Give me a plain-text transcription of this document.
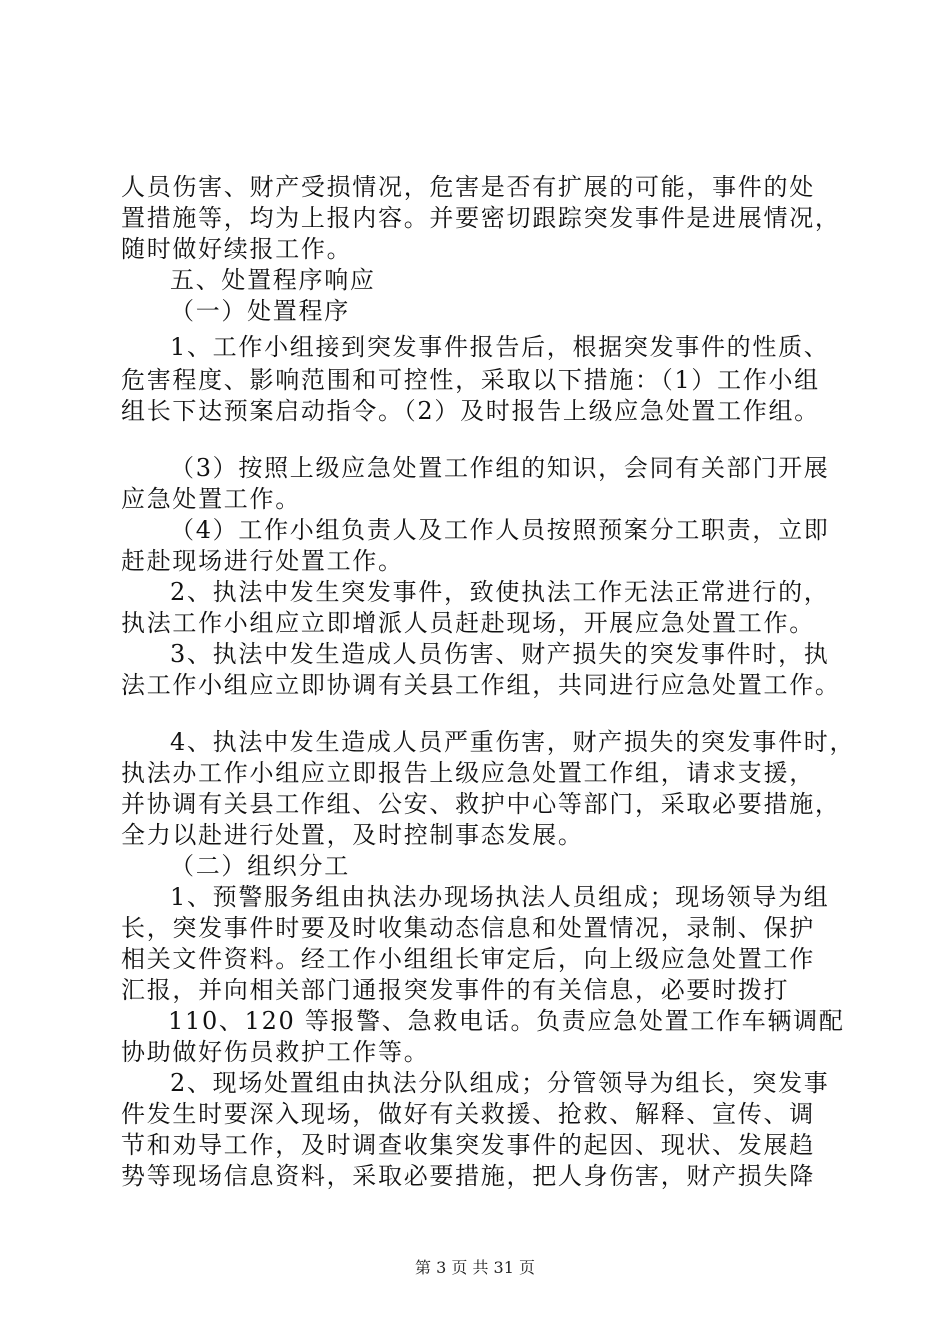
人员伤害、财产受损情况，危害是否有扩展的可能，事件的处
置措施等，均为上报内容。并要密切跟踪突发事件是进展情况，
随时做好续报工作。
五、处置程序响应
（一）处置程序
1、工作小组接到突发事件报告后，根据突发事件的性质、
危害程度、影响范围和可控性，采取以下措施：（1）工作小组
组长下达预案启动指令。（2）及时报告上级应急处置工作组。
（3）按照上级应急处置工作组的知识，会同有关部门开展
应急处置工作。
（4）工作小组负责人及工作人员按照预案分工职责，立即
赶赴现场进行处置工作。
2、执法中发生突发事件，致使执法工作无法正常进行的，
执法工作小组应立即增派人员赶赴现场，开展应急处置工作。
3、执法中发生造成人员伤害、财产损失的突发事件时，执
法工作小组应立即协调有关县工作组，共同进行应急处置工作。
4、执法中发生造成人员严重伤害，财产损失的突发事件时，
执法办工作小组应立即报告上级应急处置工作组，请求支援，
并协调有关县工作组、公安、救护中心等部门，采取必要措施，
全力以赴进行处置，及时控制事态发展。
（二）组织分工
1、预警服务组由执法办现场执法人员组成；现场领导为组
长，突发事件时要及时收集动态信息和处置情况，录制、保护
相关文件资料。经工作小组组长审定后，向上级应急处置工作
汇报，并向相关部门通报突发事件的有关信息，必要时拨打
110、120 等报警、急救电话。负责应急处置工作车辆调配
协助做好伤员救护工作等。
2、现场处置组由执法分队组成；分管领导为组长，突发事
件发生时要深入现场，做好有关救援、抢救、解释、宣传、调
节和劝导工作，及时调查收集突发事件的起因、现状、发展趋
势等现场信息资料，采取必要措施，把人身伤害，财产损失降
第 3 页 共 31 页
